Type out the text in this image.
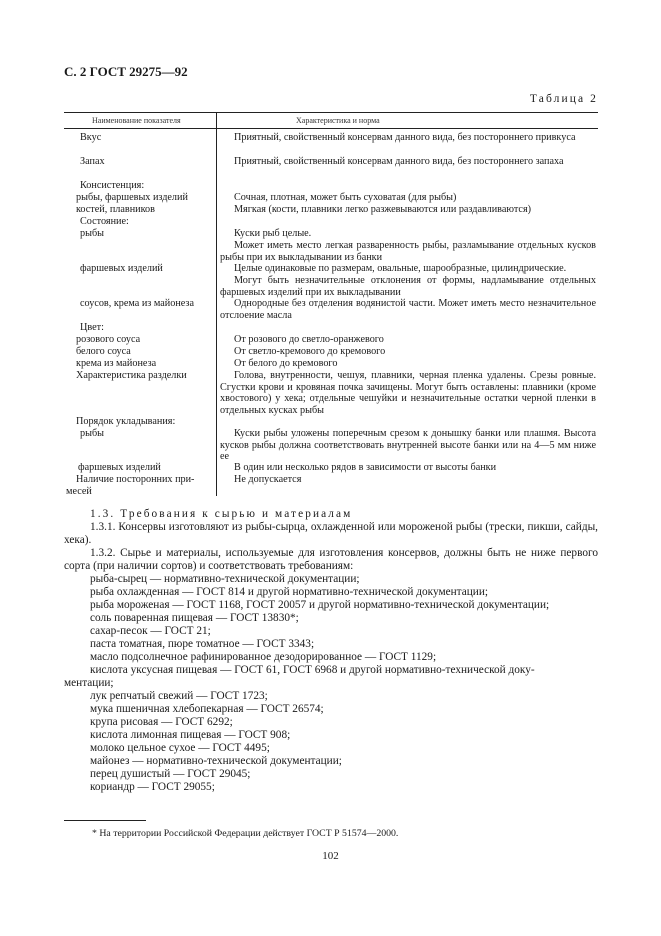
С. 2 ГОСТ 29275—92
Таблица 2
Наименование показателя	Характеристика и норма
Вкус
Запах
Консистенция:
рыбы, фаршевых изделий
костей, плавников
Состояние:
рыбы
фаршевых изделий
соусов, крема из майонеза
Цвет:
розового соуса
белого соуса
крема из майонеза
Характеристика разделки
Порядок укладывания:
рыбы
фаршевых изделий
Наличие посторонних при-
месей
Приятный, свойственный консервам данного вида, без постороннего привкуса
Приятный, свойственный консервам данного вида, без постороннего запаха
Сочная, плотная, может быть суховатая (для рыбы)
Мягкая (кости, плавники легко разжевываются или раздавливаются)
Куски рыб целые.
Может иметь место легкая разваренность рыбы, разламывание отдельных кусков рыбы при их выкладывании из банки
Целые одинаковые по размерам, овальные, шарообразные, цилиндрические.
Могут быть незначительные отклонения от формы, надламывание отдельных фаршевых изделий при их выкладывании
Однородные без отделения водянистой части. Может иметь место незначительное отслоение масла
От розового до светло-оранжевого
От светло-кремового до кремового
От белого до кремового
Голова, внутренности, чешуя, плавники, черная пленка удалены. Срезы ровные. Сгустки крови и кровяная почка зачищены. Могут быть оставлены: плавники (кроме хвостового) у хека; отдельные чешуйки и незначительные остатки черной пленки в отдельных кусках рыбы
Куски рыбы уложены поперечным срезом к донышку банки или плашмя. Высота кусков рыбы должна соответствовать внутренней высоте банки или на 4—5 мм ниже ее
В один или несколько рядов в зависимости от высоты банки
Не допускается

1.3. Требования к сырью и материалам

1.3.1. Консервы изготовляют из рыбы-сырца, охлажденной или мороженой рыбы (трески, пикши, сайды, хека).

1.3.2. Сырье и материалы, используемые для изготовления консервов, должны быть не ниже первого сорта (при наличии сортов) и соответствовать требованиям:

рыба-сырец — нормативно-технической документации;

рыба охлажденная — ГОСТ 814 и другой нормативно-технической документации;

рыба мороженая — ГОСТ 1168, ГОСТ 20057 и другой нормативно-технической документации;

соль поваренная пищевая — ГОСТ 13830*;

сахар-песок — ГОСТ 21;

паста томатная, пюре томатное — ГОСТ 3343;

масло подсолнечное рафинированное дезодорированное — ГОСТ 1129;

кислота уксусная пищевая — ГОСТ 61, ГОСТ 6968 и другой нормативно-технической доку-

ментации;

лук репчатый свежий — ГОСТ 1723;

мука пшеничная хлебопекарная — ГОСТ 26574;

крупа рисовая — ГОСТ 6292;

кислота лимонная пищевая — ГОСТ 908;

молоко цельное сухое — ГОСТ 4495;

майонез — нормативно-технической документации;

перец душистый — ГОСТ 29045;

кориандр — ГОСТ 29055;

* На территории Российской Федерации действует ГОСТ Р 51574—2000.
102
